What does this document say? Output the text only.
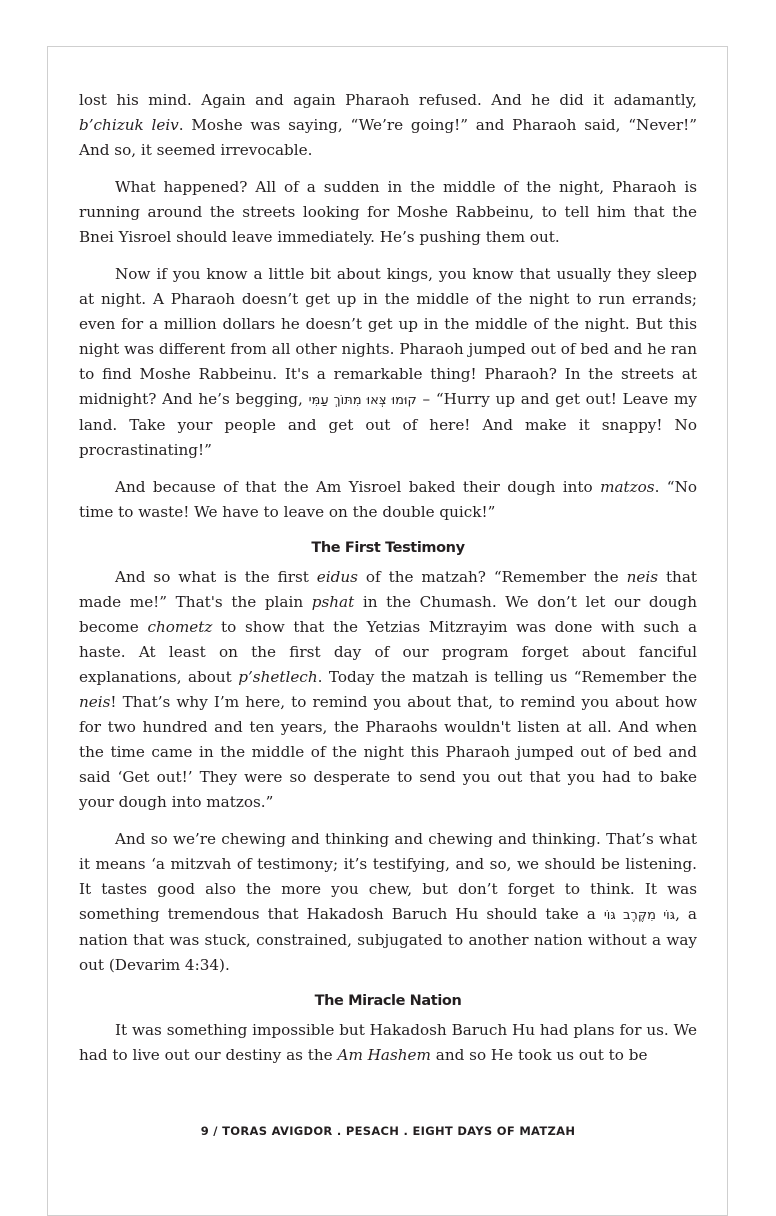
lost his mind. Again and again Pharaoh refused. And he did it adamantly, b’chizuk leiv. Moshe was saying, “We’re going!” and Pharaoh said, “Never!” And so, it seemed irrevocable.

What happened? All of a sudden in the middle of the night, Pharaoh is running around the streets looking for Moshe Rabbeinu, to tell him that the Bnei Yisroel should leave immediately. He’s pushing them out.

Now if you know a little bit about kings, you know that usually they sleep at night. A Pharaoh doesn’t get up in the middle of the night to run errands; even for a million dollars he doesn’t get up in the middle of the night. But this night was different from all other nights. Pharaoh jumped out of bed and he ran to find Moshe Rabbeinu. It's a remarkable thing! Pharaoh? In the streets at midnight? And he’s begging, קוּמוּ צְּאוּ מִתּוֹךְ עַמִּי – “Hurry up and get out! Leave my land. Take your people and get out of here! And make it snappy! No procrastinating!”

And because of that the Am Yisroel baked their dough into matzos. “No time to waste! We have to leave on the double quick!”

The First Testimony

And so what is the first eidus of the matzah? “Remember the neis that made me!” That's the plain pshat in the Chumash. We don’t let our dough become chometz to show that the Yetzias Mitzrayim was done with such a haste. At least on the first day of our program forget about fanciful explanations, about p’shetlech. Today the matzah is telling us “Remember the neis! That’s why I’m here, to remind you about that, to remind you about how for two hundred and ten years, the Pharaohs wouldn't listen at all. And when the time came in the middle of the night this Pharaoh jumped out of bed and said ‘Get out!’ They were so desperate to send you out that you had to bake your dough into matzos.”

And so we’re chewing and thinking and chewing and thinking. That’s what it means ‘a mitzvah of testimony; it’s testifying, and so, we should be listening. It tastes good also the more you chew, but don’t forget to think. It was something tremendous that Hakadosh Baruch Hu should take a גּוֹי מִקֶּרֶב גּוֹי, a nation that was stuck, constrained, subjugated to another nation without a way out (Devarim 4:34).

The Miracle Nation

It was something impossible but Hakadosh Baruch Hu had plans for us. We had to live out our destiny as the Am Hashem and so He took us out to be

9 / TORAS AVIGDOR . PESACH . EIGHT DAYS OF MATZAH
